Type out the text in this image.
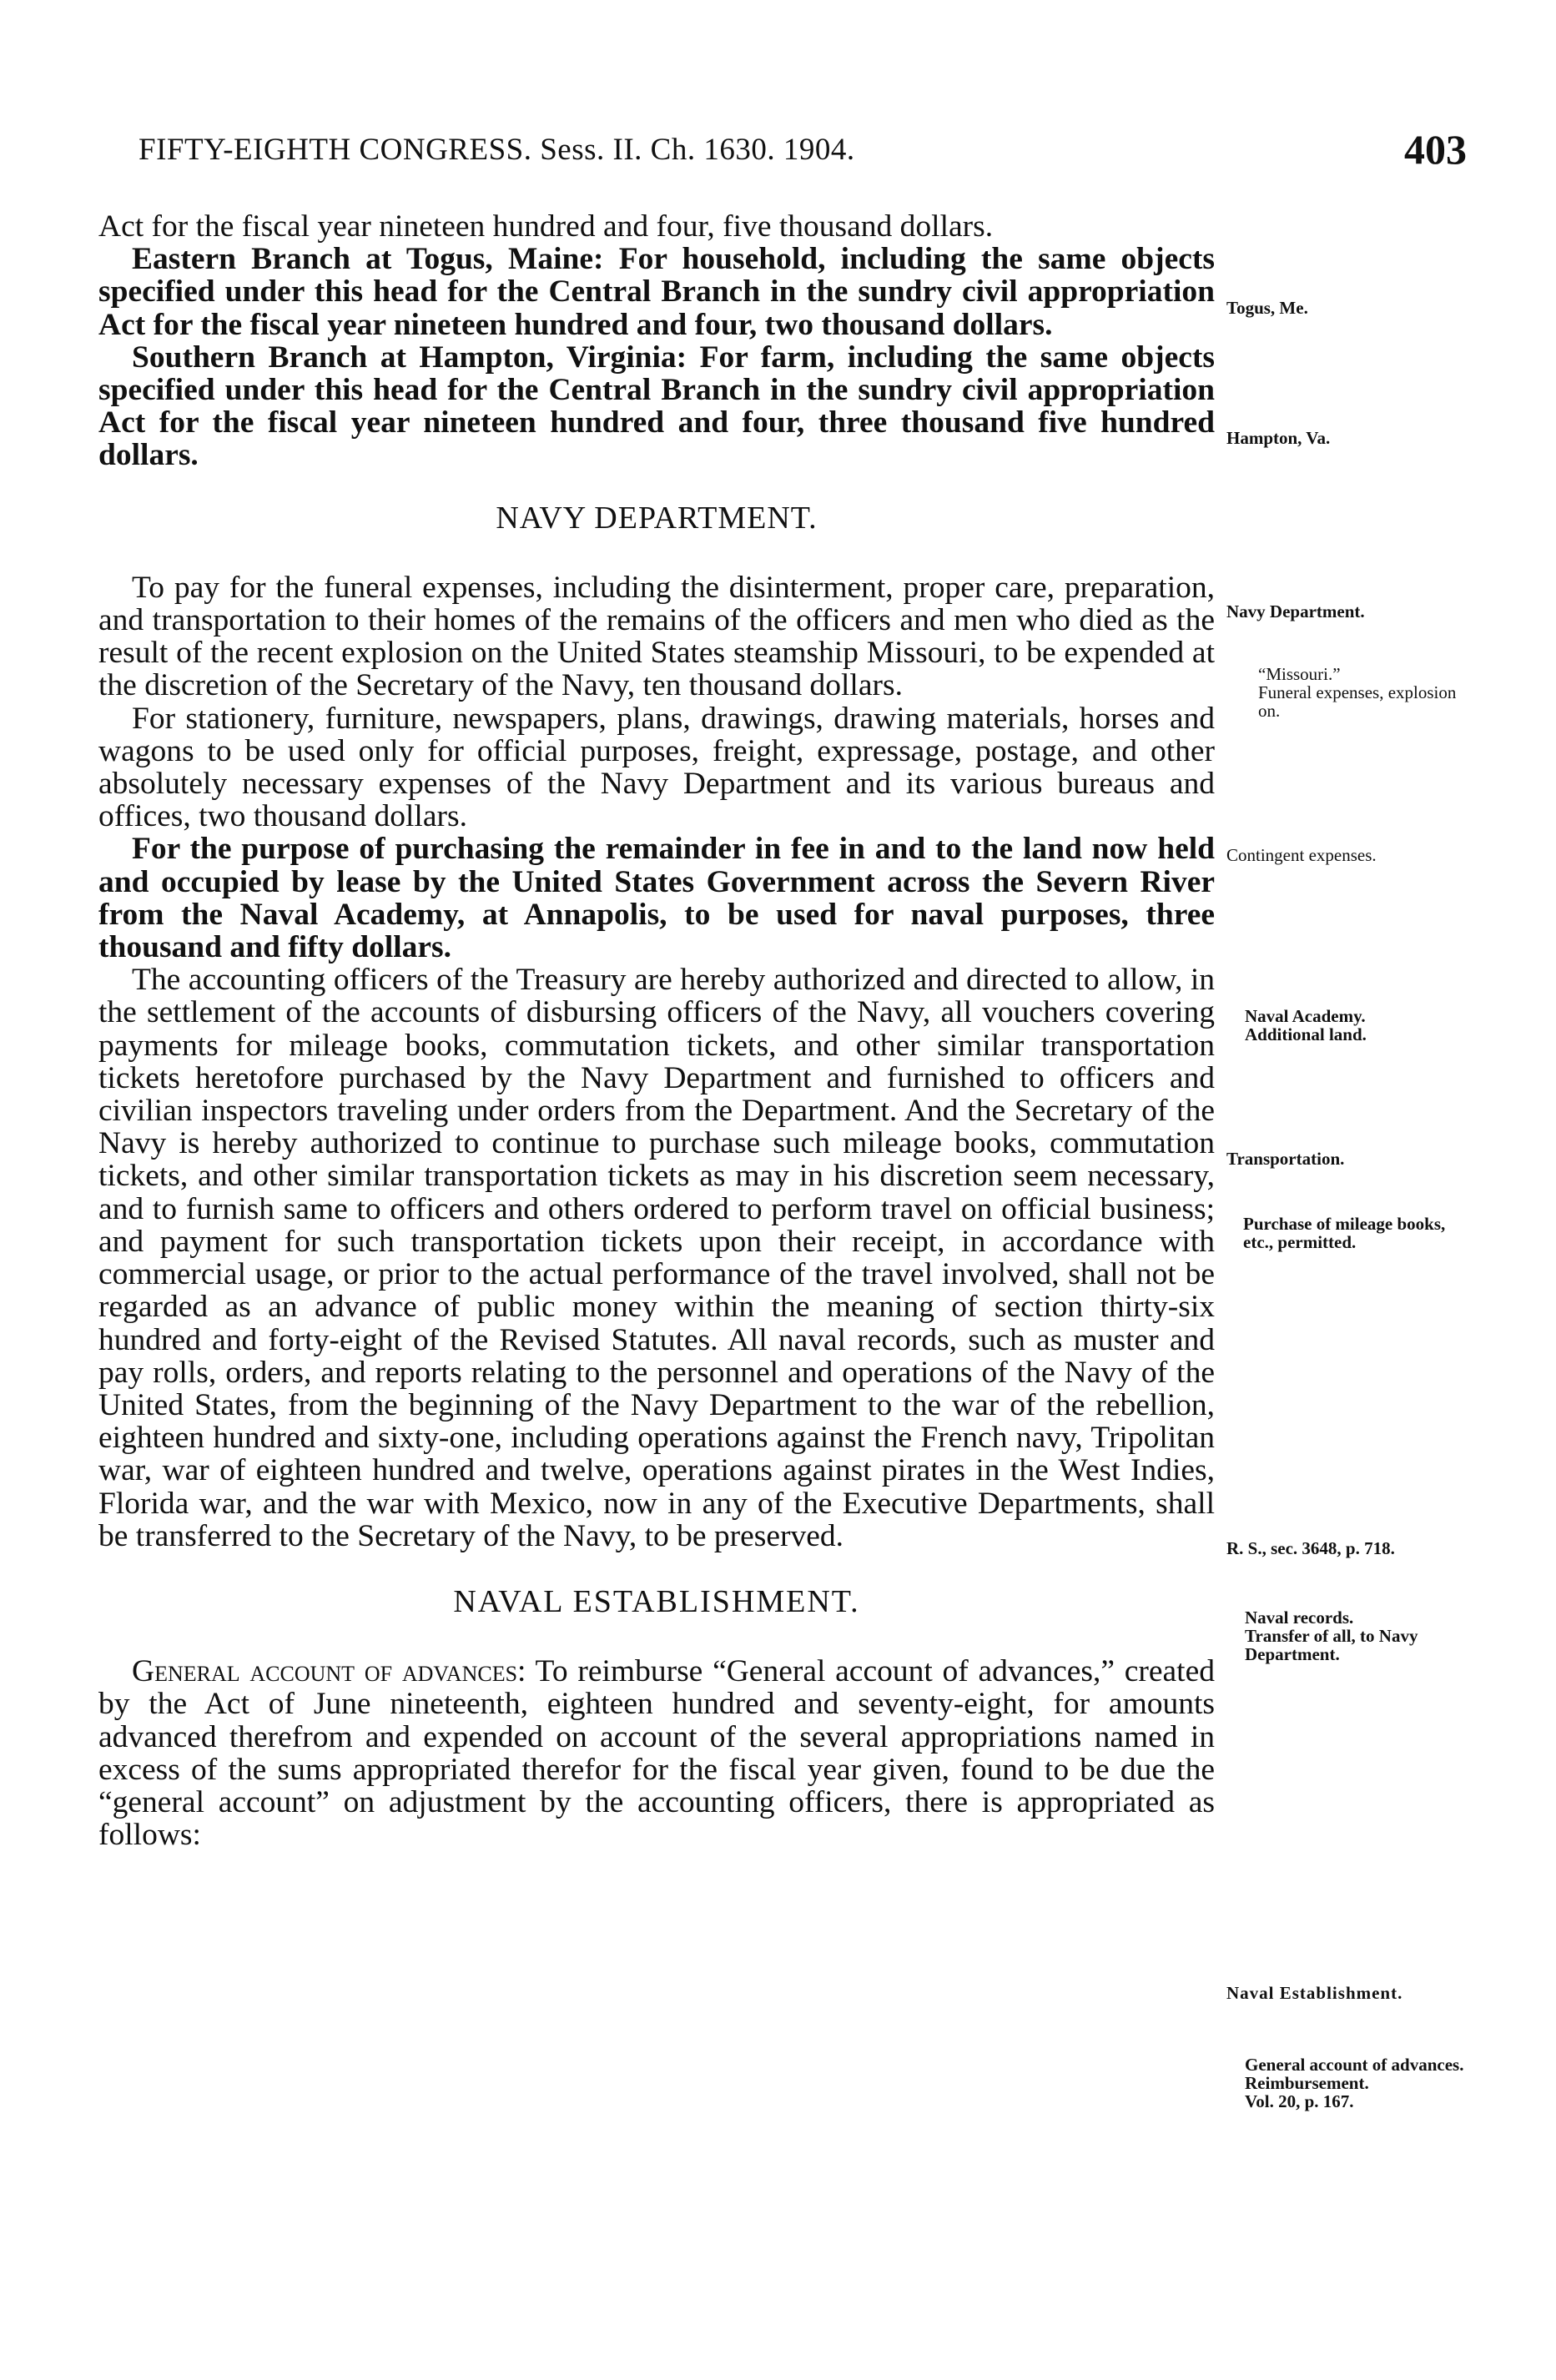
FIFTY-EIGHTH CONGRESS. Sess. II. Ch. 1630. 1904.	403

Act for the fiscal year nineteen hundred and four, five thousand dollars.

Eastern Branch at Togus, Maine: For household, including the same objects specified under this head for the Central Branch in the sundry civil appropriation Act for the fiscal year nineteen hundred and four, two thousand dollars.

Southern Branch at Hampton, Virginia: For farm, including the same objects specified under this head for the Central Branch in the sundry civil appropriation Act for the fiscal year nineteen hundred and four, three thousand five hundred dollars.

NAVY DEPARTMENT.

To pay for the funeral expenses, including the disinterment, proper care, preparation, and transportation to their homes of the remains of the officers and men who died as the result of the recent explosion on the United States steamship Missouri, to be expended at the discretion of the Secretary of the Navy, ten thousand dollars.

For stationery, furniture, newspapers, plans, drawings, drawing materials, horses and wagons to be used only for official purposes, freight, expressage, postage, and other absolutely necessary expenses of the Navy Department and its various bureaus and offices, two thousand dollars.

For the purpose of purchasing the remainder in fee in and to the land now held and occupied by lease by the United States Government across the Severn River from the Naval Academy, at Annapolis, to be used for naval purposes, three thousand and fifty dollars.

The accounting officers of the Treasury are hereby authorized and directed to allow, in the settlement of the accounts of disbursing officers of the Navy, all vouchers covering payments for mileage books, commutation tickets, and other similar transportation tickets heretofore purchased by the Navy Department and furnished to officers and civilian inspectors traveling under orders from the Department. And the Secretary of the Navy is hereby authorized to continue to purchase such mileage books, commutation tickets, and other similar transportation tickets as may in his discretion seem necessary, and to furnish same to officers and others ordered to perform travel on official business; and payment for such transportation tickets upon their receipt, in accordance with commercial usage, or prior to the actual performance of the travel involved, shall not be regarded as an advance of public money within the meaning of section thirty-six hundred and forty-eight of the Revised Statutes. All naval records, such as muster and pay rolls, orders, and reports relating to the personnel and operations of the Navy of the United States, from the beginning of the Navy Department to the war of the rebellion, eighteen hundred and sixty-one, including operations against the French navy, Tripolitan war, war of eighteen hundred and twelve, operations against pirates in the West Indies, Florida war, and the war with Mexico, now in any of the Executive Departments, shall be transferred to the Secretary of the Navy, to be preserved.

NAVAL ESTABLISHMENT.

General account of advances: To reimburse “General account of advances,” created by the Act of June nineteenth, eighteen hundred and seventy-eight, for amounts advanced therefrom and expended on account of the several appropriations named in excess of the sums appropriated therefor for the fiscal year given, found to be due the “general account” on adjustment by the accounting officers, there is appropriated as follows:

Togus, Me.
Hampton, Va.
Navy Department.
“Missouri.”
Funeral expenses, explosion on.
Contingent expenses.
Naval Academy.
Additional land.
Transportation.
Purchase of mileage books, etc., permitted.
R. S., sec. 3648, p. 718.
Naval records.
Transfer of all, to Navy Department.
Naval Establishment.
General account of advances.
Reimbursement.
Vol. 20, p. 167.
